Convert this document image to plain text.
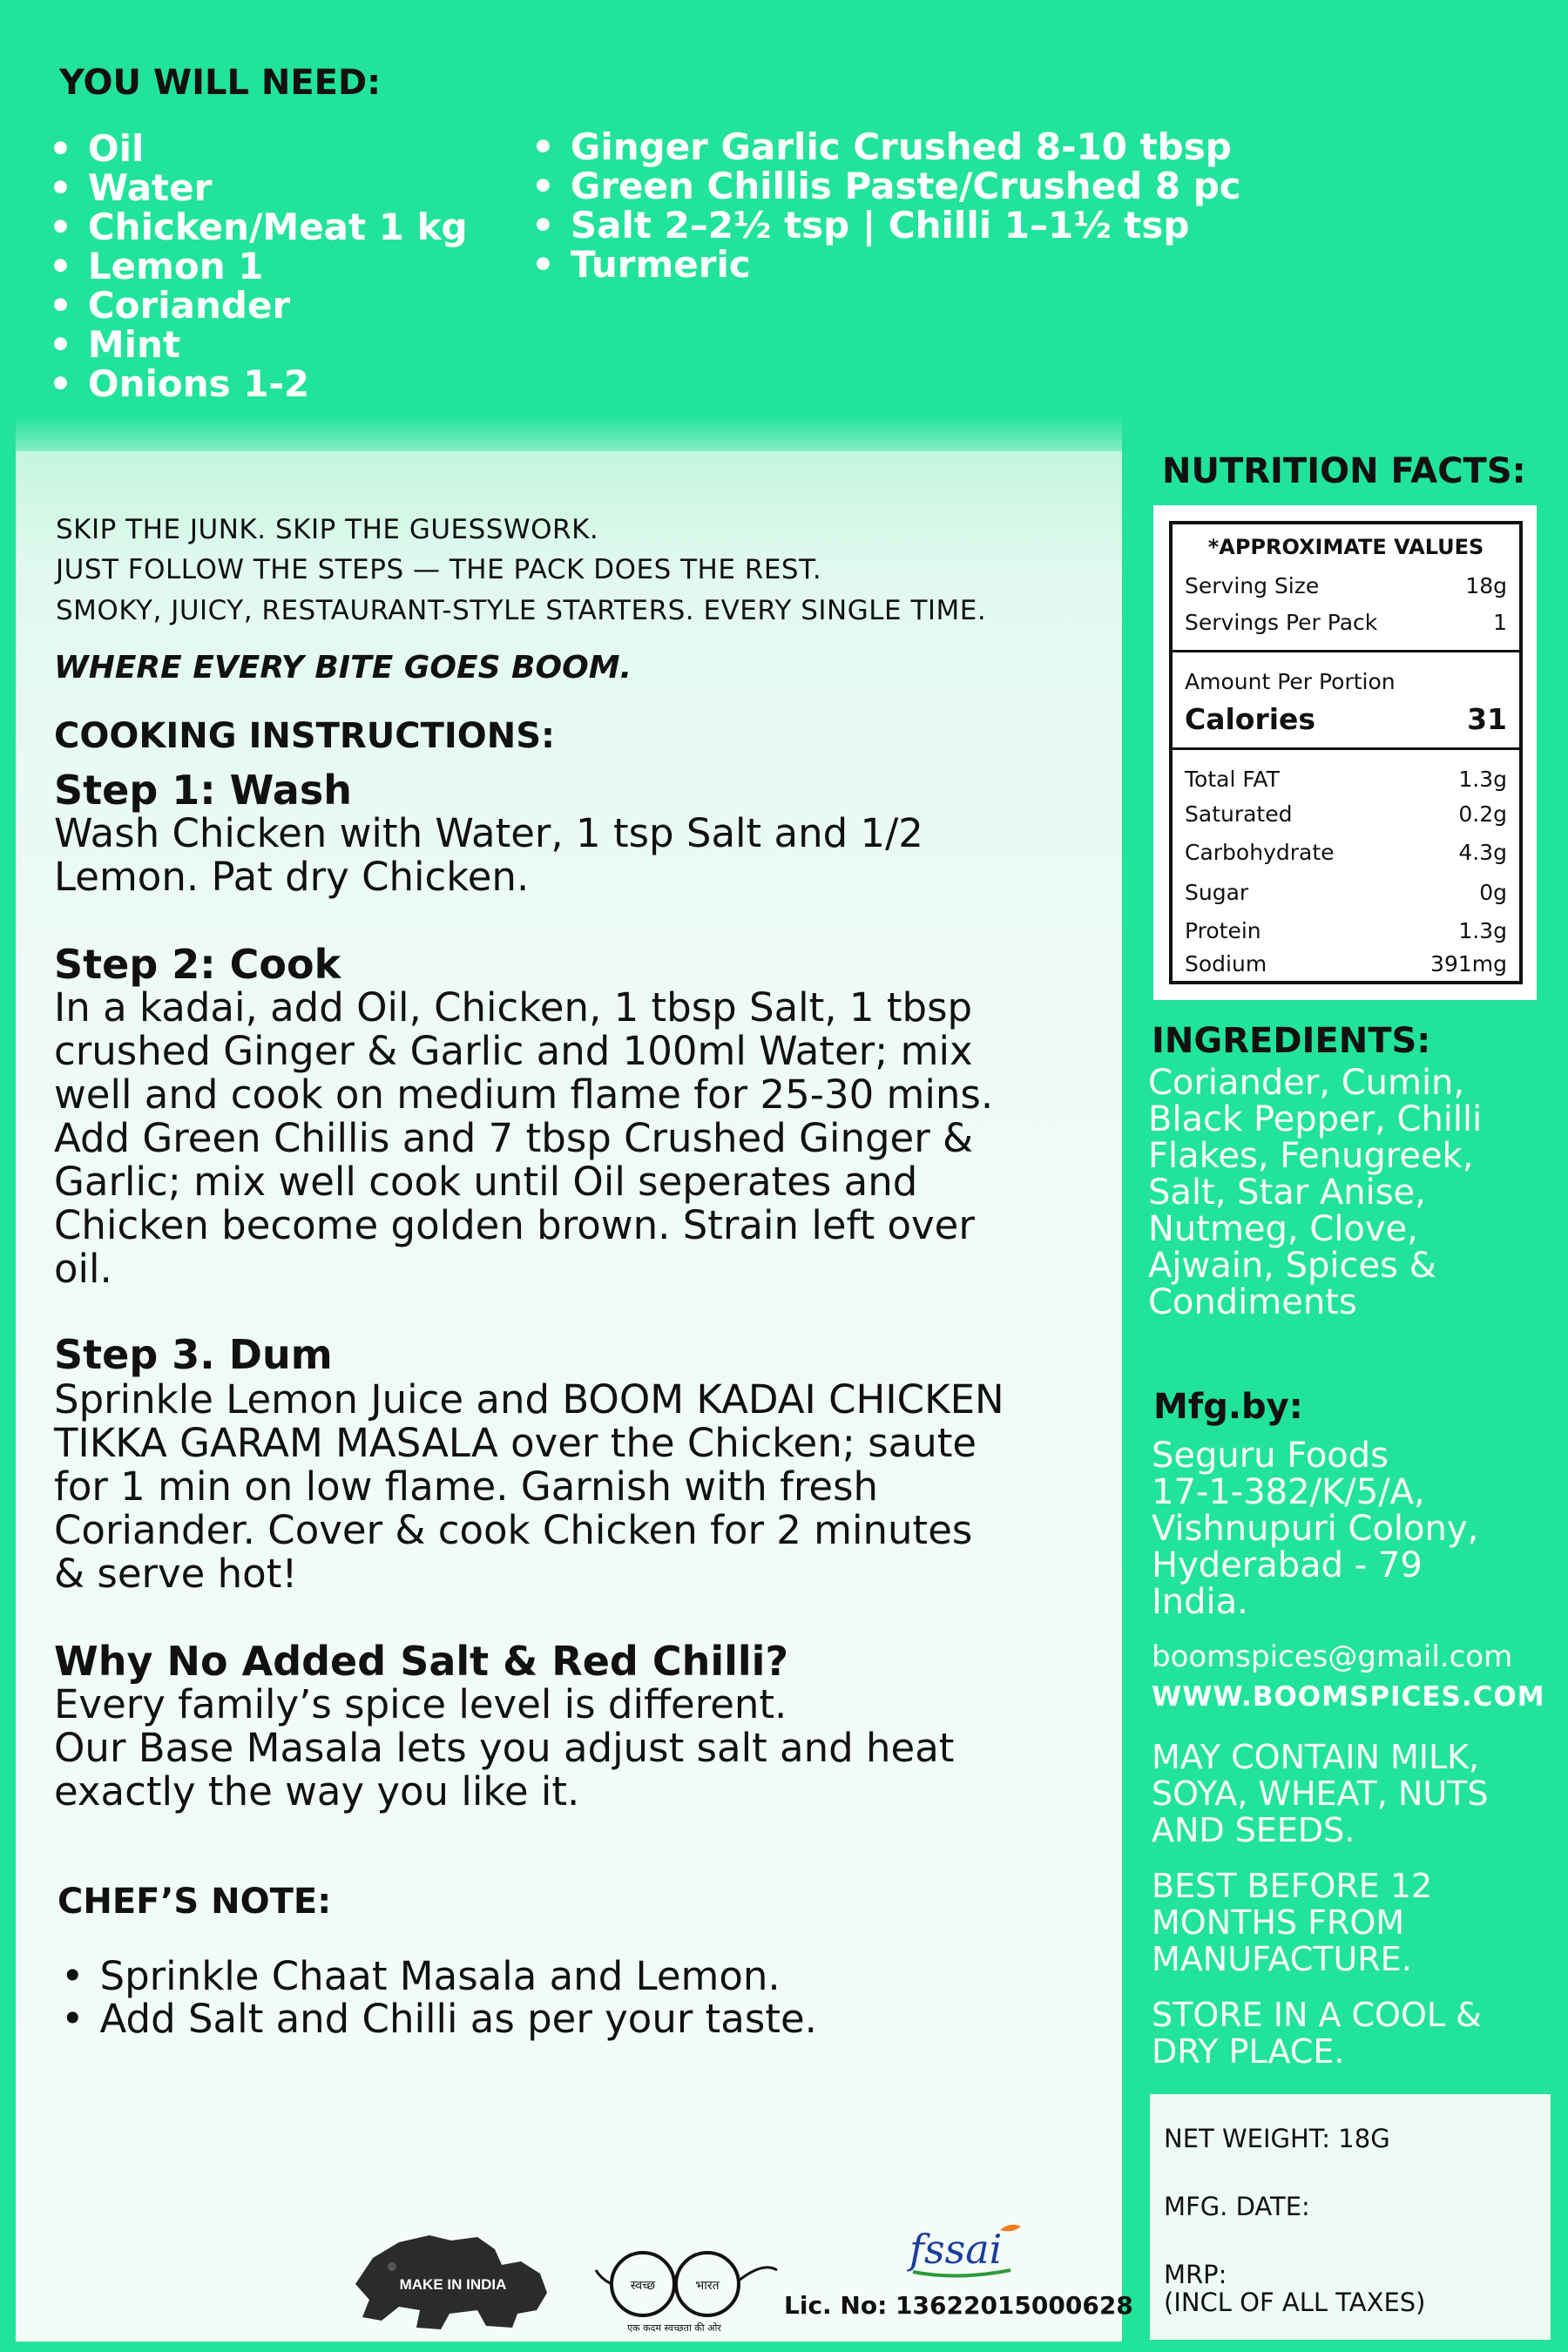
YOU WILL NEED:
• Oil
• Water
• Chicken/Meat 1 kg
• Lemon 1
• Coriander
• Mint
• Onions 1-2
• Ginger Garlic Crushed 8-10 tbsp
• Green Chillis Paste/Crushed 8 pc
• Salt 2–2½ tsp | Chilli 1–1½ tsp
• Turmeric
SKIP THE JUNK. SKIP THE GUESSWORK.
JUST FOLLOW THE STEPS — THE PACK DOES THE REST.
SMOKY, JUICY, RESTAURANT-STYLE STARTERS. EVERY SINGLE TIME.
WHERE EVERY BITE GOES BOOM.
COOKING INSTRUCTIONS:
Step 1: Wash
Wash Chicken with Water, 1 tsp Salt and 1/2
Lemon. Pat dry Chicken.
Step 2: Cook
In a kadai, add Oil, Chicken, 1 tbsp Salt, 1 tbsp
crushed Ginger & Garlic and 100ml Water; mix
well and cook on medium flame for 25-30 mins.
Add Green Chillis and 7 tbsp Crushed Ginger &
Garlic; mix well cook until Oil seperates and
Chicken become golden brown. Strain left over
oil.
Step 3. Dum
Sprinkle Lemon Juice and BOOM KADAI CHICKEN
TIKKA GARAM MASALA over the Chicken; saute
for 1 min on low flame. Garnish with fresh
Coriander. Cover & cook Chicken for 2 minutes
& serve hot!
Why No Added Salt & Red Chilli?
Every family’s spice level is different.
Our Base Masala lets you adjust salt and heat
exactly the way you like it.
CHEF’S NOTE:
• Sprinkle Chaat Masala and Lemon.
• Add Salt and Chilli as per your taste.
MAKE IN INDIA	स्वच्छ	भारत
एक कदम स्वच्छता की ओर
fssai
Lic. No: 13622015000628
NUTRITION FACTS:
*APPROXIMATE VALUES
Serving Size	18g
Servings Per Pack	1
Amount Per Portion
Calories	31
Total FAT	1.3g
Saturated	0.2g
Carbohydrate	4.3g
Sugar	0g
Protein	1.3g
Sodium	391mg
INGREDIENTS:
Coriander, Cumin, Black Pepper, Chilli Flakes, Fenugreek, Salt, Star Anise, Nutmeg, Clove, Ajwain, Spices & Condiments
Mfg.by:
Seguru Foods
17-1-382/K/5/A,
Vishnupuri Colony,
Hyderabad - 79
India.
boomspices@gmail.com
WWW.BOOMSPICES.COM
MAY CONTAIN MILK, SOYA, WHEAT, NUTS AND SEEDS.
BEST BEFORE 12 MONTHS FROM MANUFACTURE.
STORE IN A COOL & DRY PLACE.
NET WEIGHT: 18G
MFG. DATE:
MRP:
(INCL OF ALL TAXES)
